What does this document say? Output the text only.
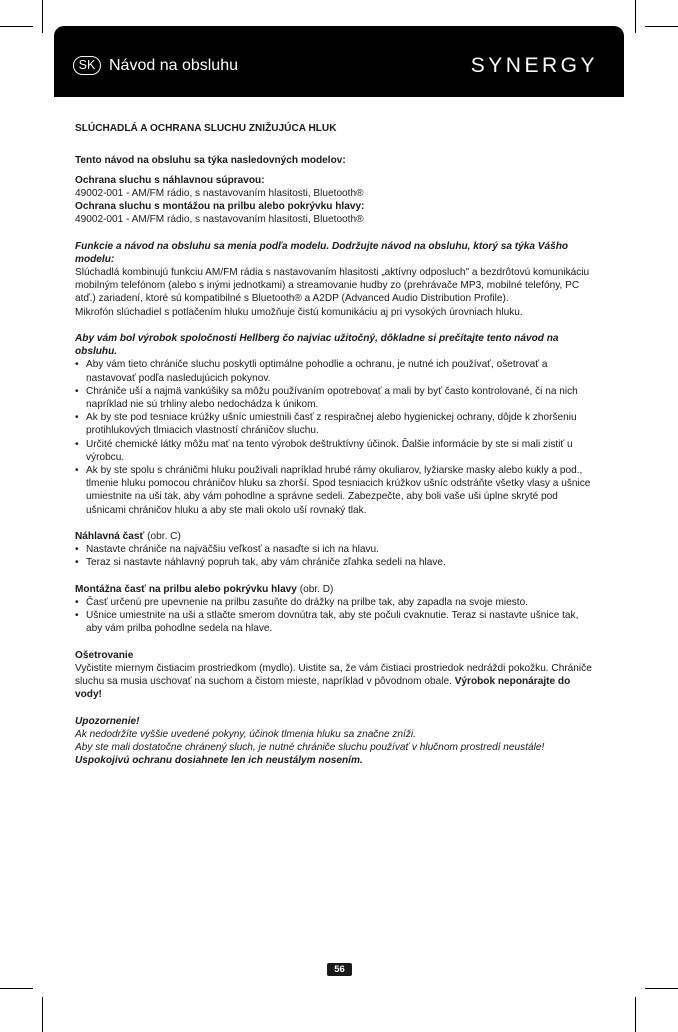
SK Návod na obsluhu	SYNERGY

SLÚCHADLÁ A OCHRANA SLUCHU ZNIŽUJÚCA HLUK

Tento návod na obsluhu sa týka nasledovných modelov:

Ochrana sluchu s náhlavnou súpravou:

49002-001 - AM/FM rádio, s nastavovaním hlasitosti, Bluetooth®

Ochrana sluchu s montážou na prilbu alebo pokrývku hlavy:

49002-001 - AM/FM rádio, s nastavovaním hlasitosti, Bluetooth®

Funkcie a návod na obsluhu sa menia podľa modelu. Dodržujte návod na obsluhu, ktorý sa týka Vášho modelu:

Slúchadlá kombinujú funkciu AM/FM rádia s nastavovaním hlasitosti „aktívny odposluch" a bezdrôtovú komunikáciu mobilným telefónom (alebo s inými jednotkami) a streamovanie hudby zo (prehrávače MP3, mobilné telefóny, PC atď.) zariadení, ktoré sú kompatibilné s Bluetooth® a A2DP (Advanced Audio Distribution Profile).

Mikrofón slúchadiel s potlačením hluku umožňuje čistú komunikáciu aj pri vysokých úrovniach hluku.

Aby vám bol výrobok spoločnosti Hellberg čo najviac užitočný, dôkladne si prečítajte tento návod na obsluhu.

• Aby vám tieto chrániče sluchu poskytli optimálne pohodlie a ochranu, je nutné ich používať, ošetrovať a nastavovať podľa nasledujúcich pokynov.
• Chrániče uší a najmä vankúšiky sa môžu používaním opotrebovať a mali by byť často kontrolované, či na nich napríklad nie sú trhliny alebo nedochádza k únikom.
• Ak by ste pod tesniace krúžky ušníc umiestnili časť z respiračnej alebo hygienickej ochrany, dôjde k zhoršeniu protihlukových tlmiacich vlastností chráničov sluchu.
• Určité chemické látky môžu mať na tento výrobok deštruktívny účinok. Ďalšie informácie by ste si mali zistiť u výrobcu.
• Ak by ste spolu s chráničmi hluku používali napríklad hrubé rámy okuliarov, lyžiarske masky alebo kukly a pod., tlmenie hluku pomocou chráničov hluku sa zhorší. Spod tesniacich krúžkov ušníc odstráňte všetky vlasy a ušnice umiestnite na uši tak, aby vám pohodlne a správne sedeli. Zabezpečte, aby boli vaše uši úplne skryté pod ušnicami chráničov hluku a aby ste mali okolo uší rovnaký tlak.

Náhlavná časť (obr. C)

• Nastavte chrániče na najväčšiu veľkosť a nasaďte si ich na hlavu.
• Teraz si nastavte náhlavný popruh tak, aby vám chrániče zľahka sedeli na hlave.

Montážna časť na prilbu alebo pokrývku hlavy (obr. D)

• Časť určenú pre upevnenie na prilbu zasuňte do drážky na prilbe tak, aby zapadla na svoje miesto.
• Ušnice umiestnite na uši a stlačte smerom dovnútra tak, aby ste počuli cvaknutie. Teraz si nastavte ušnice tak, aby vám prilba pohodlne sedela na hlave.

Ošetrovanie

Vyčistite miernym čistiacim prostriedkom (mydlo). Uistite sa, že vám čistiaci prostriedok nedráždi pokožku. Chrániče sluchu sa musia uschovať na suchom a čistom mieste, napríklad v pôvodnom obale. Výrobok neponárajte do vody!

Upozornenie!

Ak nedodržíte vyššie uvedené pokyny, účinok tlmenia hluku sa značne zníži.

Aby ste mali dostatočne chránený sluch, je nutné chrániče sluchu používať v hlučnom prostredí neustále!

Uspokojivú ochranu dosiahnete len ich neustálym nosením.

56
